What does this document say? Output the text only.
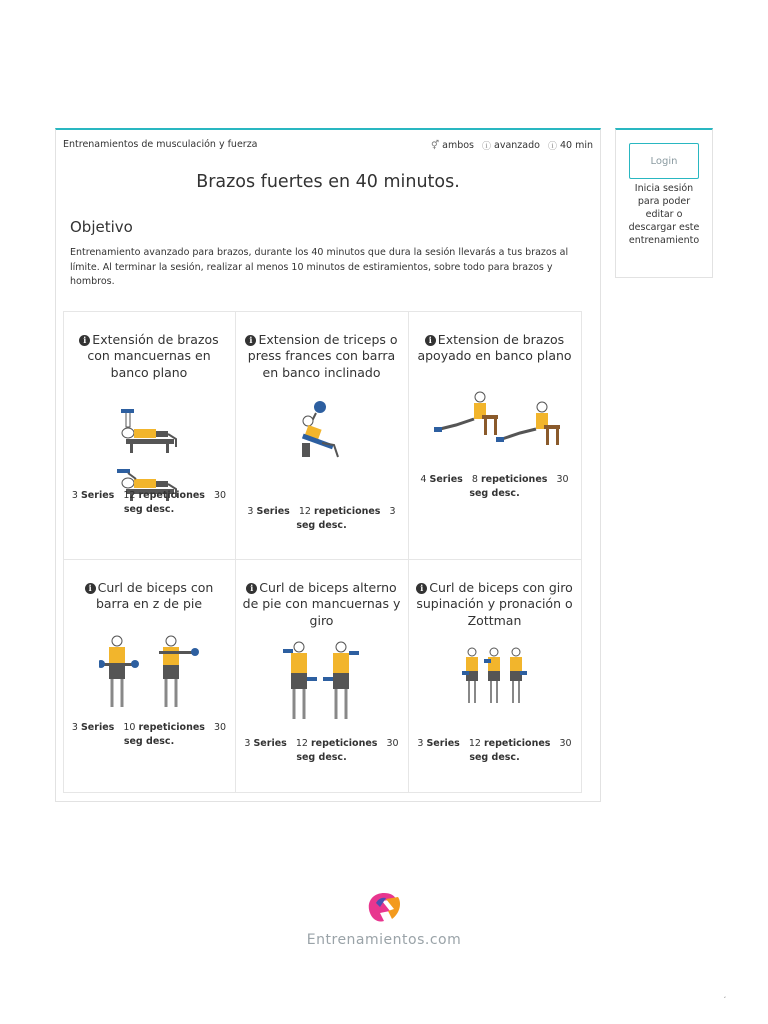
Entrenamientos de musculación y fuerza	⚥ ambos ⓘ avanzado ⓘ 40 min
Brazos fuertes en 40 minutos.
Objetivo
Entrenamiento avanzado para brazos, durante los 40 minutos que dura la sesión llevarás a tus brazos al límite. Al terminar la sesión, realizar al menos 10 minutos de estiramientos, sobre todo para brazos y hombros.
i Extensión de brazos con mancuernas en banco plano
3 Series 12 repeticiones 30 seg desc.
i Extension de triceps o press frances con barra en banco inclinado
3 Series 12 repeticiones 3 seg desc.
i Extension de brazos apoyado en banco plano
4 Series 8 repeticiones 30 seg desc.
i Curl de biceps con barra en z de pie
3 Series 10 repeticiones 30 seg desc.
i Curl de biceps alterno de pie con mancuernas y giro
3 Series 12 repeticiones 30 seg desc.
i Curl de biceps con giro supinación y pronación o Zottman
3 Series 12 repeticiones 30 seg desc.
Login
Inicia sesión para poder editar o descargar este entrenamiento
Entrenamientos.com
‘
